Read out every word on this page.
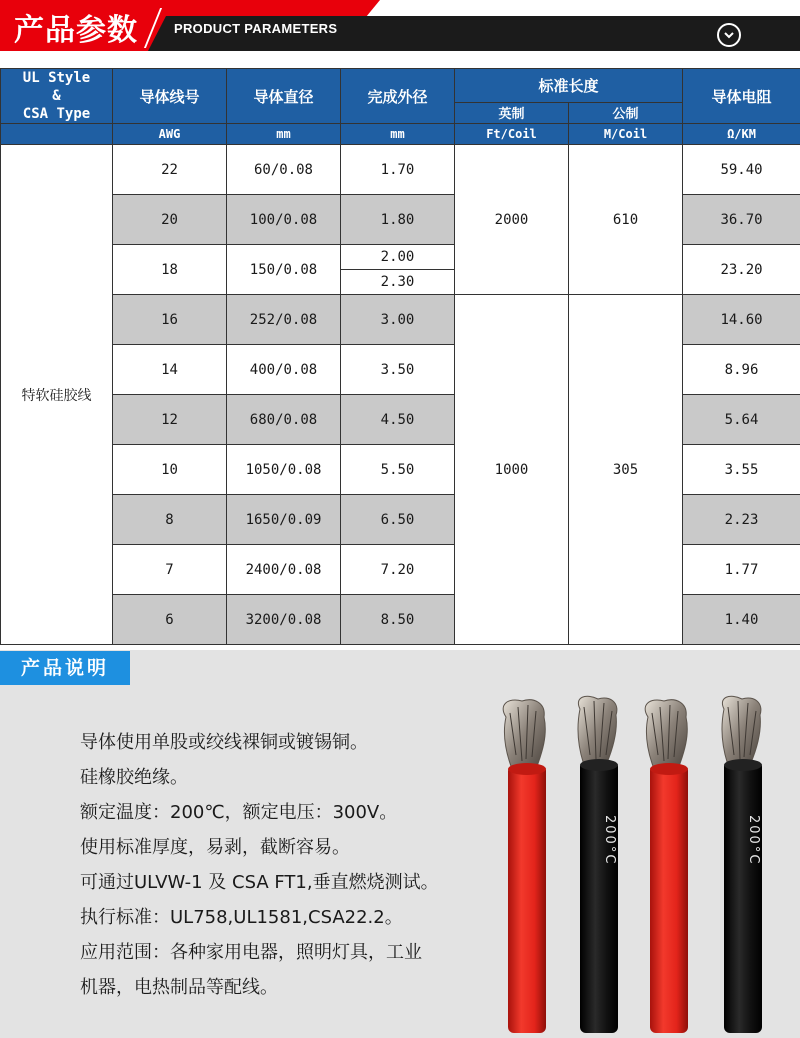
产品参数	PRODUCT PARAMETERS
UL Style
&
CSA Type	导体线号	导体直径	完成外径	标准长度		导体电阻
				英制	公制	
	AWG	mm	mm	Ft/Coil	M/Coil	Ω/KM
特软硅胶线	22	60/0.08	1.70	2000	610	59.40
	20	100/0.08	1.80			36.70
	18	150/0.08	2.00			23.20
			2.30			
	16	252/0.08	3.00	1000	305	14.60
	14	400/0.08	3.50			8.96
	12	680/0.08	4.50			5.64
	10	1050/0.08	5.50			3.55
	8	1650/0.09	6.50			2.23
	7	2400/0.08	7.20			1.77
	6	3200/0.08	8.50			1.40
产品说明
导体使用单股或绞线裸铜或镀锡铜。
硅橡胶绝缘。
额定温度：200℃，额定电压：300V。
使用标准厚度，易剥，截断容易。
可通过ULVW-1 及 CSA FT1,垂直燃烧测试。
执行标准：UL758,UL1581,CSA22.2。
应用范围：各种家用电器，照明灯具，工业
机器，电热制品等配线。
200°C	200°C
